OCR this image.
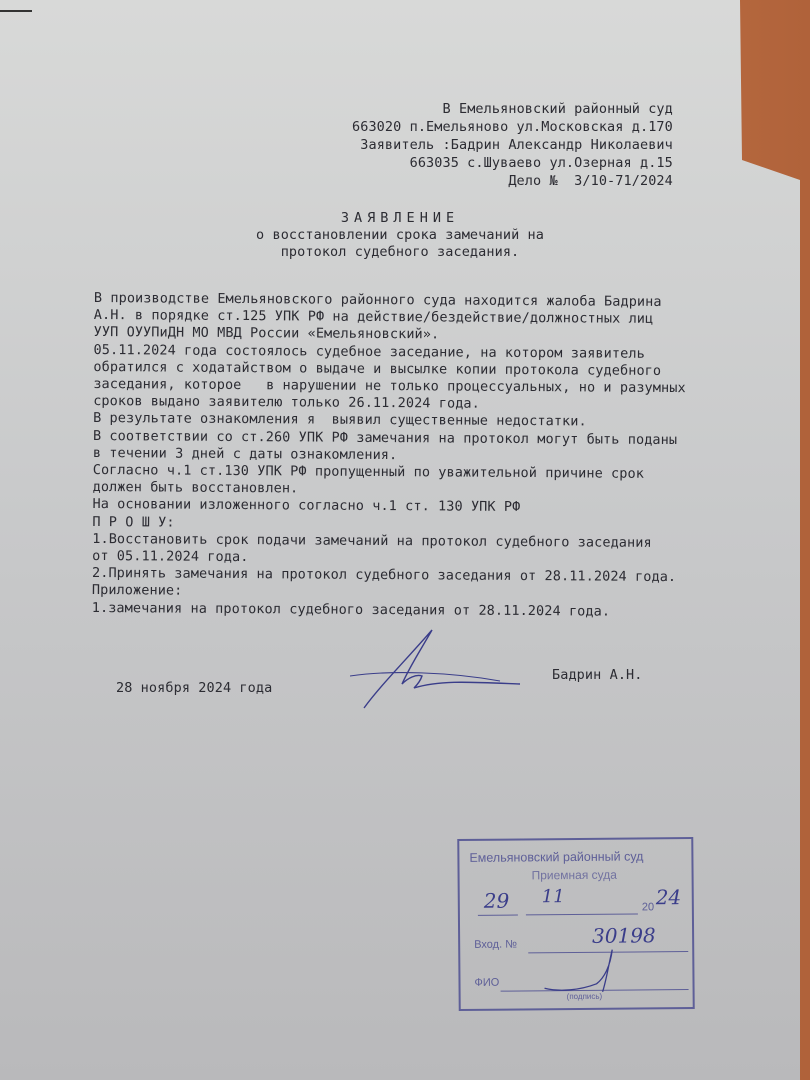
В Емельяновский районный суд
663020 п.Емельяново ул.Московская д.170
Заявитель :Бадрин Александр Николаевич
663035 с.Шуваево ул.Озерная д.15
Дело №  3/10-71/2024
ЗАЯВЛЕНИЕ
о восстановлении срока замечаний на
протокол судебного заседания.
В производстве Емельяновского районного суда находится жалоба Бадрина
А.Н. в порядке ст.125 УПК РФ на действие/бездействие/должностных лиц
УУП ОУУПиДН МО МВД России «Емельяновский».
05.11.2024 года состоялось судебное заседание, на котором заявитель
обратился с ходатайством о выдаче и высылке копии протокола судебного
заседания, которое   в нарушении не только процессуальных, но и разумных
сроков выдано заявителю только 26.11.2024 года.
В результате ознакомления я  выявил существенные недостатки.
В соответствии со ст.260 УПК РФ замечания на протокол могут быть поданы
в течении 3 дней с даты ознакомления.
Согласно ч.1 ст.130 УПК РФ пропущенный по уважительной причине срок
должен быть восстановлен.
На основании изложенного согласно ч.1 ст. 130 УПК РФ
П Р О Ш У:
1.Восстановить срок подачи замечаний на протокол судебного заседания
от 05.11.2024 года.
2.Принять замечания на протокол судебного заседания от 28.11.2024 года.
Приложение:
1.замечания на протокол судебного заседания от 28.11.2024 года.
28 ноября 2024 года
Бадрин А.Н.
Емельяновский районный суд
Приемная суда
29 11
20 24
Вход. №	30198
ФИО
(подпись)
